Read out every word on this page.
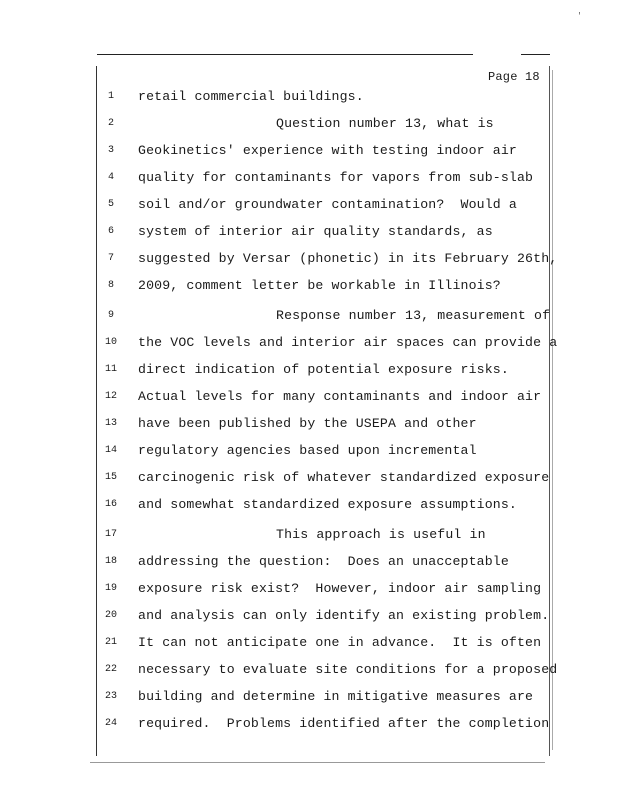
'
Page 18
1	retail commercial buildings.
2	Question number 13, what is
3	Geokinetics' experience with testing indoor air
4	quality for contaminants for vapors from sub-slab
5	soil and/or groundwater contamination?  Would a
6	system of interior air quality standards, as
7	suggested by Versar (phonetic) in its February 26th,
8	2009, comment letter be workable in Illinois?
9	Response number 13, measurement of
10	the VOC levels and interior air spaces can provide a
11	direct indication of potential exposure risks.
12	Actual levels for many contaminants and indoor air
13	have been published by the USEPA and other
14	regulatory agencies based upon incremental
15	carcinogenic risk of whatever standardized exposure
16	and somewhat standardized exposure assumptions.
17	This approach is useful in
18	addressing the question:  Does an unacceptable
19	exposure risk exist?  However, indoor air sampling
20	and analysis can only identify an existing problem.
21	It can not anticipate one in advance.  It is often
22	necessary to evaluate site conditions for a proposed
23	building and determine in mitigative measures are
24	required.  Problems identified after the completion
